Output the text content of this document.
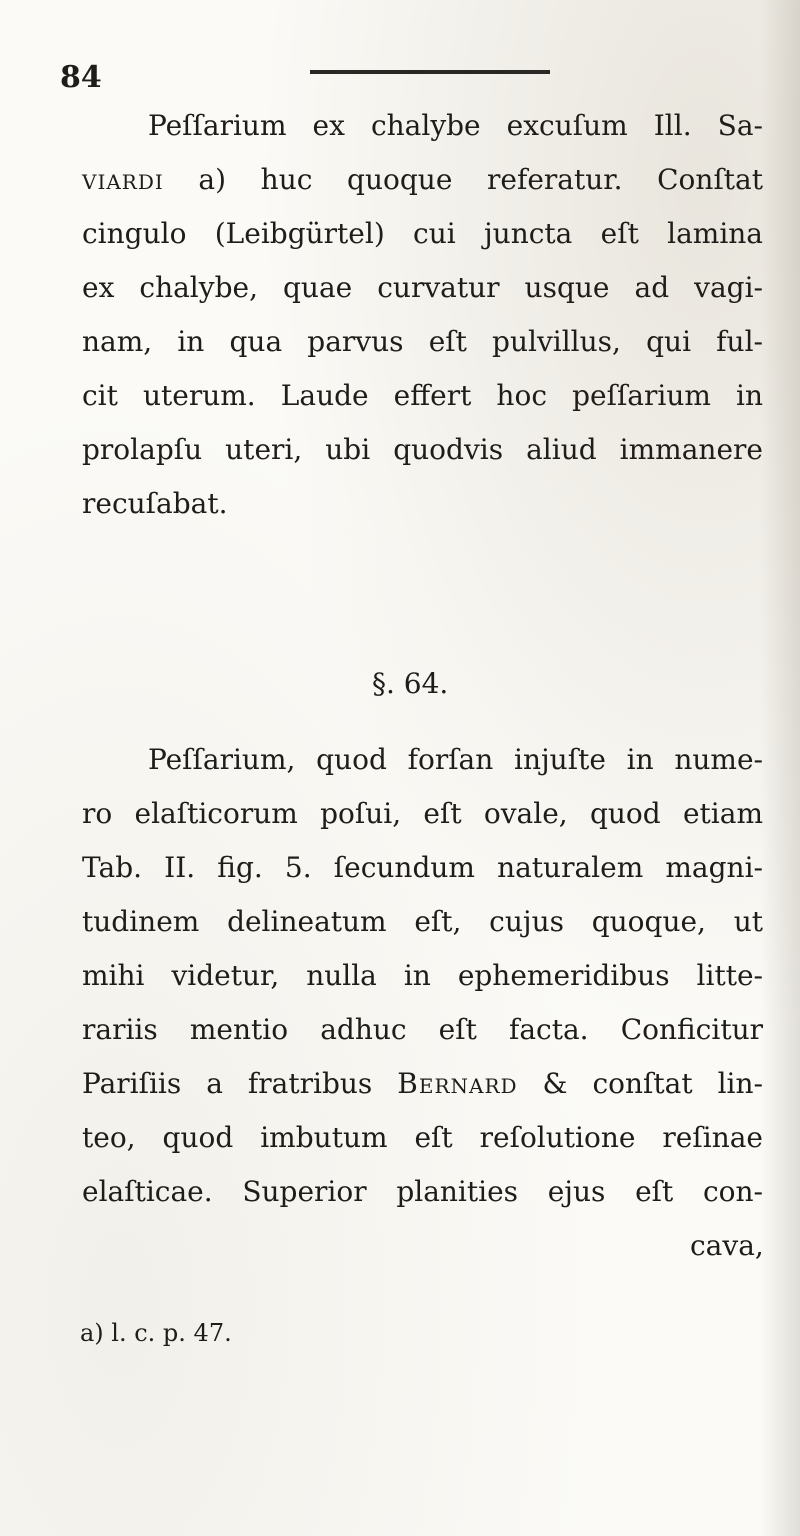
84
Peſſarium ex chalybe excuſum Ill. Sa-
viardi a) huc quoque referatur. Conſtat
cingulo (Leibgürtel) cui juncta eſt lamina
ex chalybe, quae curvatur usque ad vagi-
nam, in qua parvus eſt pulvillus, qui ful-
cit uterum. Laude effert hoc peſſarium in
prolapſu uteri, ubi quodvis aliud immanere
recuſabat.
§. 64.
Peſſarium, quod forſan injuſte in nume-
ro elaſticorum poſui, eſt ovale, quod etiam
Tab. II. fig. 5. ſecundum naturalem magni-
tudinem delineatum eſt, cujus quoque, ut
mihi videtur, nulla in ephemeridibus litte-
rariis mentio adhuc eſt facta. Conficitur
Pariſiis a fratribus Bernard & conſtat lin-
teo, quod imbutum eſt reſolutione reſinae
elaſticae. Superior planities ejus eſt con-
cava,
a) l. c. p. 47.
